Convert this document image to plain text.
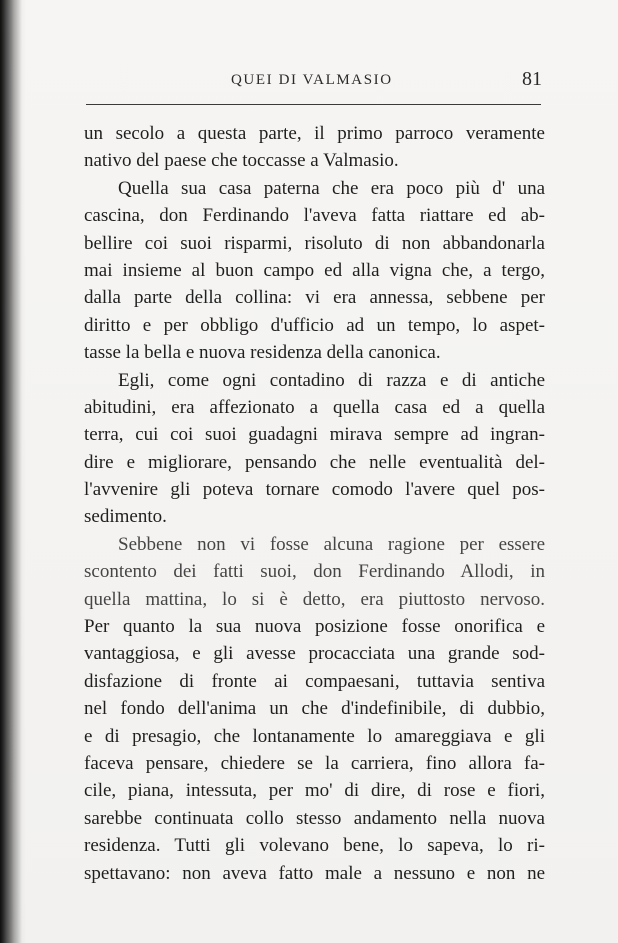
QUEI DI VALMASIO	81
un secolo a questa parte, il primo parroco veramente
nativo del paese che toccasse a Valmasio.
Quella sua casa paterna che era poco più d' una
cascina, don Ferdinando l'aveva fatta riattare ed ab-
bellire coi suoi risparmi, risoluto di non abbandonarla
mai insieme al buon campo ed alla vigna che, a tergo,
dalla parte della collina: vi era annessa, sebbene per
diritto e per obbligo d'ufficio ad un tempo, lo aspet-
tasse la bella e nuova residenza della canonica.
Egli, come ogni contadino di razza e di antiche
abitudini, era affezionato a quella casa ed a quella
terra, cui coi suoi guadagni mirava sempre ad ingran-
dire e migliorare, pensando che nelle eventualità del-
l'avvenire gli poteva tornare comodo l'avere quel pos-
sedimento.
Sebbene non vi fosse alcuna ragione per essere
scontento dei fatti suoi, don Ferdinando Allodi, in
quella mattina, lo si è detto, era piuttosto nervoso.
Per quanto la sua nuova posizione fosse onorifica e
vantaggiosa, e gli avesse procacciata una grande sod-
disfazione di fronte ai compaesani, tuttavia sentiva
nel fondo dell'anima un che d'indefinibile, di dubbio,
e di presagio, che lontanamente lo amareggiava e gli
faceva pensare, chiedere se la carriera, fino allora fa-
cile, piana, intessuta, per mo' di dire, di rose e fiori,
sarebbe continuata collo stesso andamento nella nuova
residenza. Tutti gli volevano bene, lo sapeva, lo ri-
spettavano: non aveva fatto male a nessuno e non ne
